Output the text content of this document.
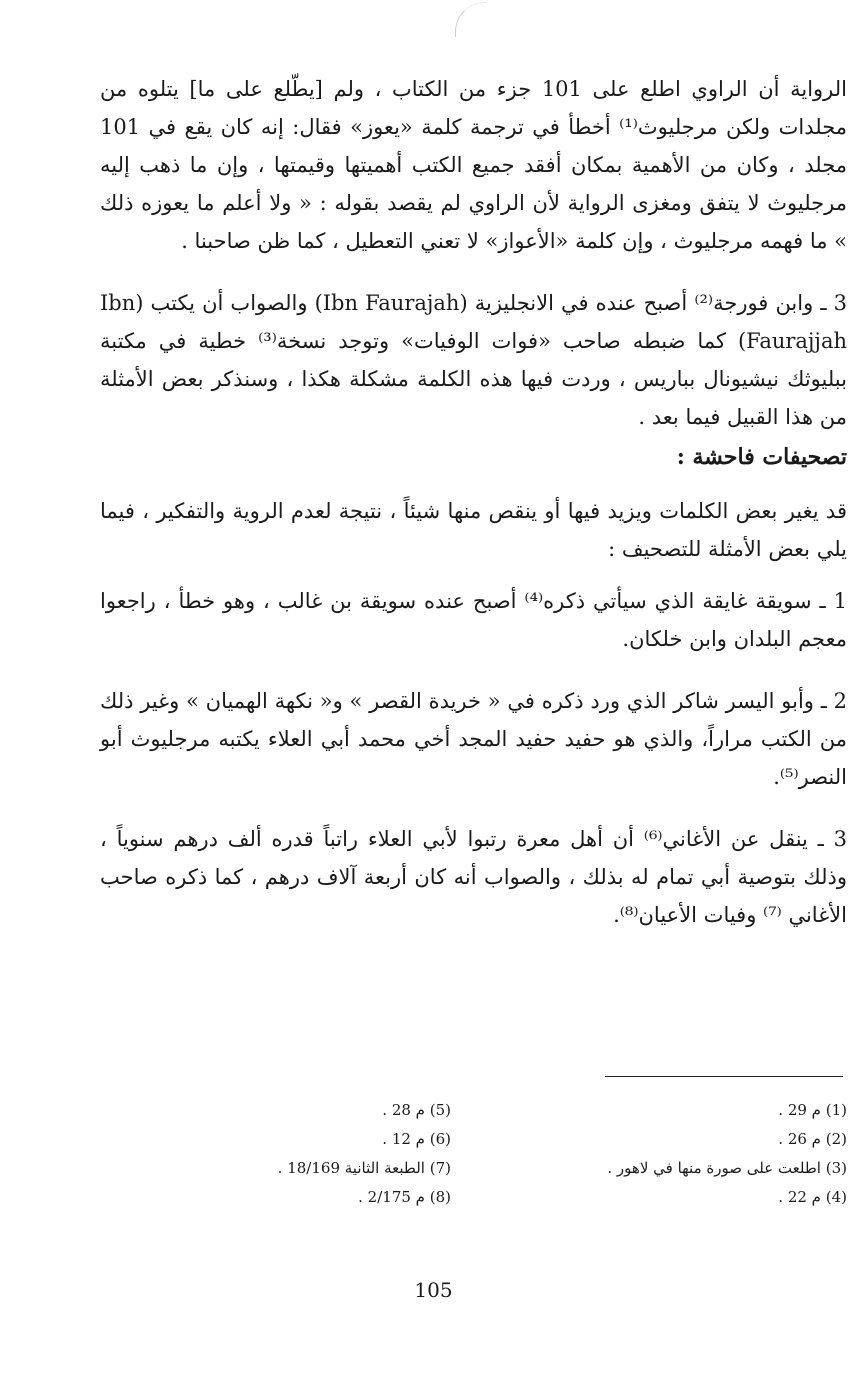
الرواية أن الراوي اطلع على 101 جزء من الكتاب ، ولم [يطّلع على ما] يتلوه من مجلدات ولكن مرجليوث⁽¹⁾ أخطأ في ترجمة كلمة «يعوز» فقال: إنه كان يقع في 101 مجلد ، وكان من الأهمية بمكان أفقد جميع الكتب أهميتها وقيمتها ، وإن ما ذهب إليه مرجليوث لا يتفق ومغزى الرواية لأن الراوي لم يقصد بقوله : « ولا أعلم ما يعوزه ذلك » ما فهمه مرجليوث ، وإن كلمة «الأعواز» لا تعني التعطيل ، كما ظن صاحبنا .

3 ـ وابن فورجة⁽²⁾ أصبح عنده في الانجليزية (Ibn Faurajah) والصواب أن يكتب (Ibn Faurajjah) كما ضبطه صاحب «فوات الوفيات» وتوجد نسخة⁽³⁾ خطية في مكتبة ببليوثك نيشيونال بباريس ، وردت فيها هذه الكلمة مشكلة هكذا ، وسنذكر بعض الأمثلة من هذا القبيل فيما بعد .

تصحيفات فاحشة :

قد يغير بعض الكلمات ويزيد فيها أو ينقص منها شيئاً ، نتيجة لعدم الروية والتفكير ، فيما يلي بعض الأمثلة للتصحيف :

1 ـ سويقة غايقة الذي سيأتي ذكره⁽⁴⁾ أصبح عنده سويقة بن غالب ، وهو خطأ ، راجعوا معجم البلدان وابن خلكان.

2 ـ وأبو اليسر شاكر الذي ورد ذكره في « خريدة القصر » و« نكهة الهميان » وغير ذلك من الكتب مراراً، والذي هو حفيد حفيد المجد أخي محمد أبي العلاء يكتبه مرجليوث أبو النصر⁽⁵⁾.

3 ـ ينقل عن الأغاني⁽⁶⁾ أن أهل معرة رتبوا لأبي العلاء راتباً قدره ألف درهم سنوياً ، وذلك بتوصية أبي تمام له بذلك ، والصواب أنه كان أربعة آلاف درهم ، كما ذكره صاحب الأغاني ⁽⁷⁾ وفيات الأعيان⁽⁸⁾.

(1) م 29 .
(2) م 26 .
(3) اطلعت على صورة منها في لاهور .
(4) م 22 .
(5) م 28 .
(6) م 12 .
(7) الطبعة الثانية 18/169 .
(8) م 2/175 .
105
